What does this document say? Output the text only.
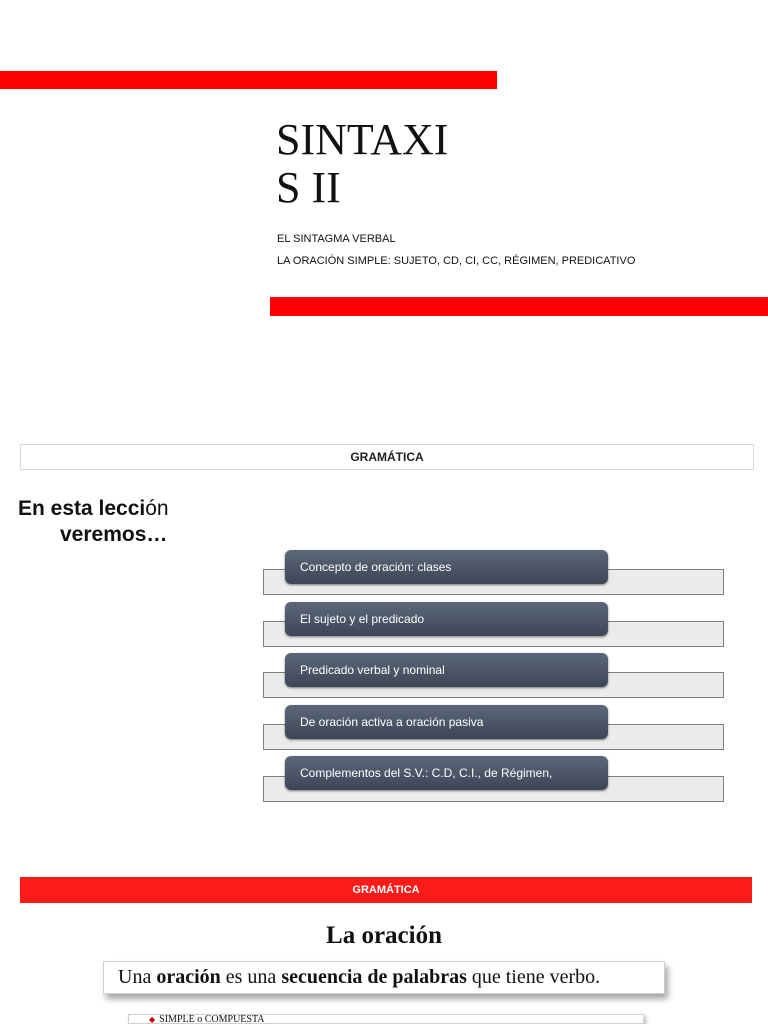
SINTAXI
S II
EL SINTAGMA VERBAL
LA ORACIÓN SIMPLE: SUJETO, CD, CI, CC, RÉGIMEN, PREDICATIVO
GRAMÁTICA
En esta lección
veremos…
Concepto de oración: clases
El sujeto y el predicado
Predicado verbal y nominal
De oración activa a oración pasiva
Complementos del S.V.: C.D, C.I., de Régimen,
GRAMÁTICA
La oración
Una oración es una secuencia de palabras que tiene verbo.
◆ SIMPLE o COMPUESTA
